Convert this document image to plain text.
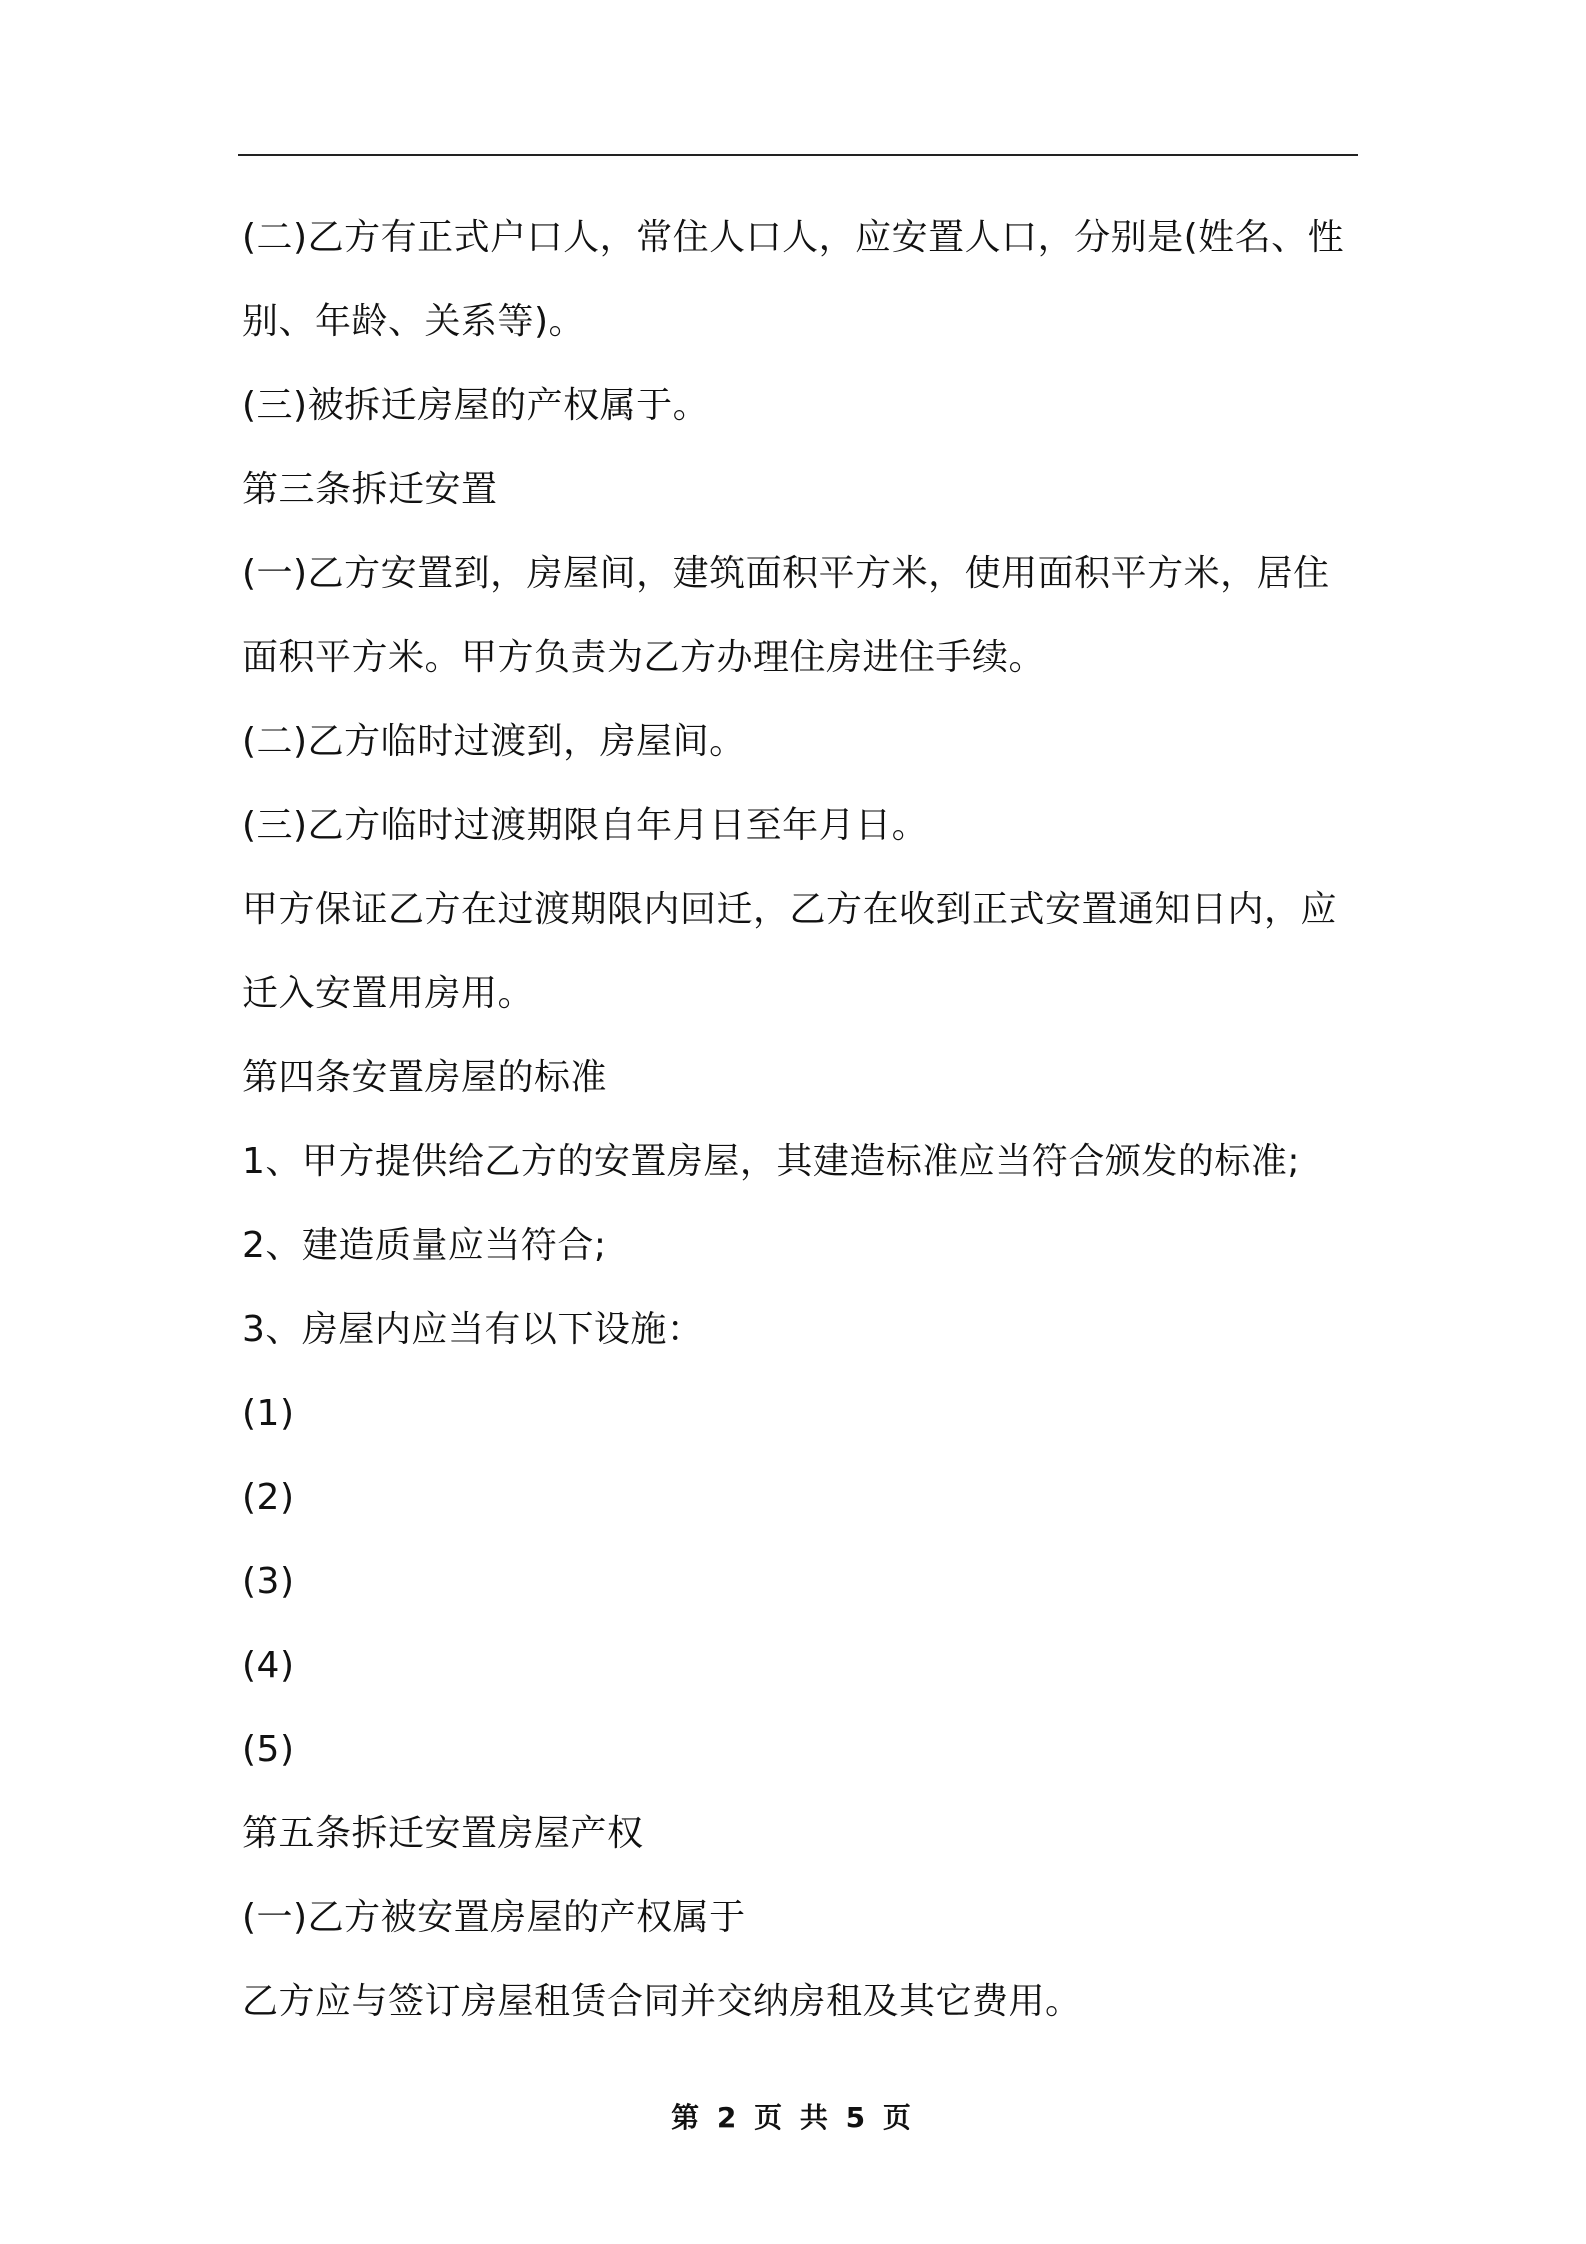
(二)乙方有正式户口人，常住人口人，应安置人口，分别是(姓名、性
别、年龄、关系等)。
(三)被拆迁房屋的产权属于。
第三条拆迁安置
(一)乙方安置到，房屋间，建筑面积平方米，使用面积平方米，居住
面积平方米。甲方负责为乙方办理住房进住手续。
(二)乙方临时过渡到，房屋间。
(三)乙方临时过渡期限自年月日至年月日。
甲方保证乙方在过渡期限内回迁，乙方在收到正式安置通知日内，应
迁入安置用房用。
第四条安置房屋的标准
1、甲方提供给乙方的安置房屋，其建造标准应当符合颁发的标准;
2、建造质量应当符合;
3、房屋内应当有以下设施：
(1)
(2)
(3)
(4)
(5)
第五条拆迁安置房屋产权
(一)乙方被安置房屋的产权属于
乙方应与签订房屋租赁合同并交纳房租及其它费用。
第 2 页 共 5 页
